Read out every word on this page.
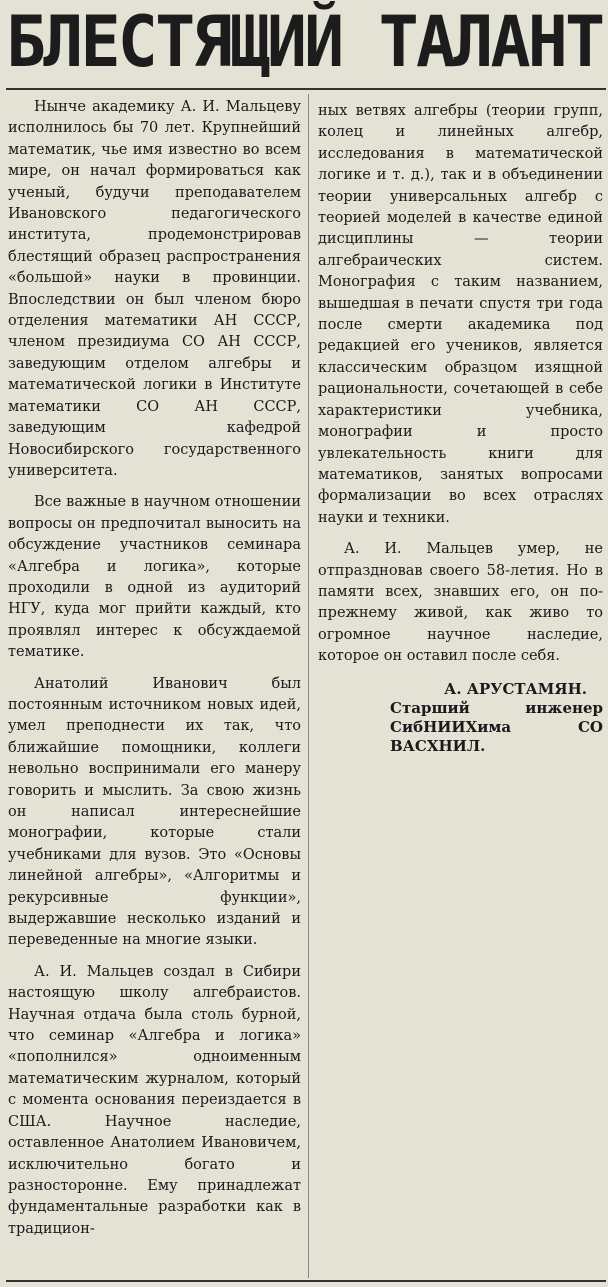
БЛЕСТЯЩИЙ ТАЛАНТ

Нынче академику А. И. Мальцеву исполнилось бы 70 лет. Крупнейший математик, чье имя известно во всем мире, он начал формироваться как ученый, будучи преподавателем Ивановского педагогического института, продемонстрировав блестящий образец распространения «большой» науки в провинции. Впоследствии он был членом бюро отделения математики АН СССР, членом президиума СО АН СССР, заведующим отделом алгебры и математической логики в Институте математики СО АН СССР, заведующим кафедрой Новосибирского государственного университета.

Все важные в научном отношении вопросы он предпочитал выносить на обсуждение участников семинара «Алгебра и логика», которые проходили в одной из аудиторий НГУ, куда мог прийти каждый, кто проявлял интерес к обсуждаемой тематике.

Анатолий Иванович был постоянным источником новых идей, умел преподнести их так, что ближайшие помощники, коллеги невольно воспринимали его манеру говорить и мыслить. За свою жизнь он написал интереснейшие монографии, которые стали учебниками для вузов. Это «Основы линейной алгебры», «Алгоритмы и рекурсивные функции», выдержавшие несколько изданий и переведенные на многие языки.

А. И. Мальцев создал в Сибири настоящую школу алгебраистов. Научная отдача была столь бурной, что семинар «Алгебра и логика» «пополнился» одноименным математическим журналом, который с момента основания переиздается в США. Научное наследие, оставленное Анатолием Ивановичем, исключительно богато и разносторонне. Ему принадлежат фундаментальные разработки как в традицион-

ных ветвях алгебры (теории групп, колец и линейных алгебр, исследования в математической логике и т. д.), так и в объединении теории универсальных алгебр с теорией моделей в качестве единой дисциплины — теории алгебраических систем. Монография с таким названием, вышедшая в печати спустя три года после смерти академика под редакцией его учеников, является классическим образцом изящной рациональности, сочетающей в себе характеристики учебника, монографии и просто увлекательность книги для математиков, занятых вопросами формализации во всех отраслях науки и техники.

А. И. Мальцев умер, не отпраздновав своего 58-летия. Но в памяти всех, знавших его, он по-прежнему живой, как живо то огромное научное наследие, которое он оставил после себя.

А. АРУСТАМЯН.
Старший инженер СибНИИХима СО ВАСХНИЛ.
